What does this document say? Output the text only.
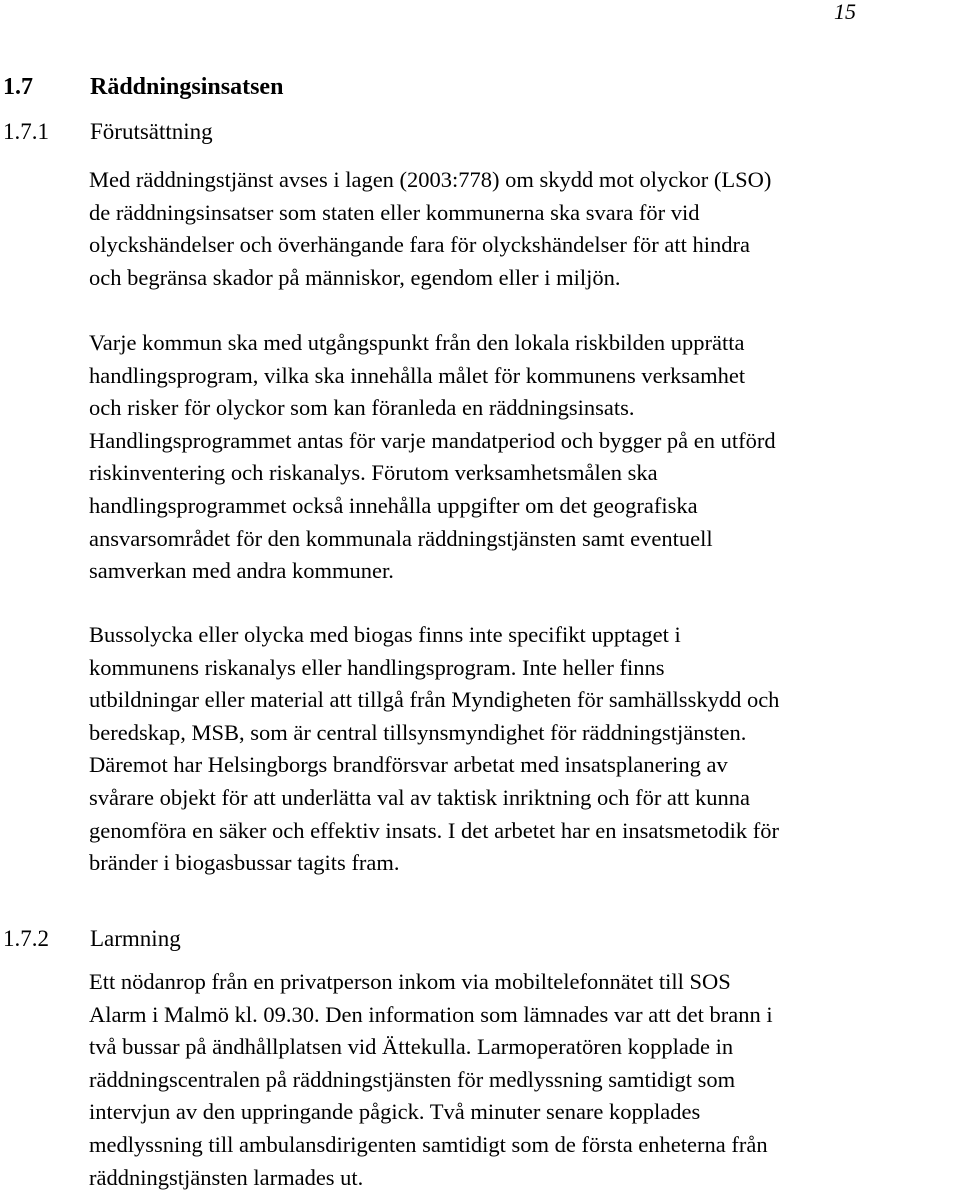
15
1.7 Räddningsinsatsen
1.7.1 Förutsättning
Med räddningstjänst avses i lagen (2003:778) om skydd mot olyckor (LSO)
de räddningsinsatser som staten eller kommunerna ska svara för vid
olyckshändelser och överhängande fara för olyckshändelser för att hindra
och begränsa skador på människor, egendom eller i miljön.
Varje kommun ska med utgångspunkt från den lokala riskbilden upprätta
handlingsprogram, vilka ska innehålla målet för kommunens verksamhet
och risker för olyckor som kan föranleda en räddningsinsats.
Handlingsprogrammet antas för varje mandatperiod och bygger på en utförd
riskinventering och riskanalys. Förutom verksamhetsmålen ska
handlingsprogrammet också innehålla uppgifter om det geografiska
ansvarsområdet för den kommunala räddningstjänsten samt eventuell
samverkan med andra kommuner.
Bussolycka eller olycka med biogas finns inte specifikt upptaget i
kommunens riskanalys eller handlingsprogram. Inte heller finns
utbildningar eller material att tillgå från Myndigheten för samhällsskydd och
beredskap, MSB, som är central tillsynsmyndighet för räddningstjänsten.
Däremot har Helsingborgs brandförsvar arbetat med insatsplanering av
svårare objekt för att underlätta val av taktisk inriktning och för att kunna
genomföra en säker och effektiv insats. I det arbetet har en insatsmetodik för
bränder i biogasbussar tagits fram.
1.7.2 Larmning
Ett nödanrop från en privatperson inkom via mobiltelefonnätet till SOS
Alarm i Malmö kl. 09.30. Den information som lämnades var att det brann i
två bussar på ändhållplatsen vid Ättekulla. Larmoperatören kopplade in
räddningscentralen på räddningstjänsten för medlyssning samtidigt som
intervjun av den uppringande pågick. Två minuter senare kopplades
medlyssning till ambulansdirigenten samtidigt som de första enheterna från
räddningstjänsten larmades ut.
